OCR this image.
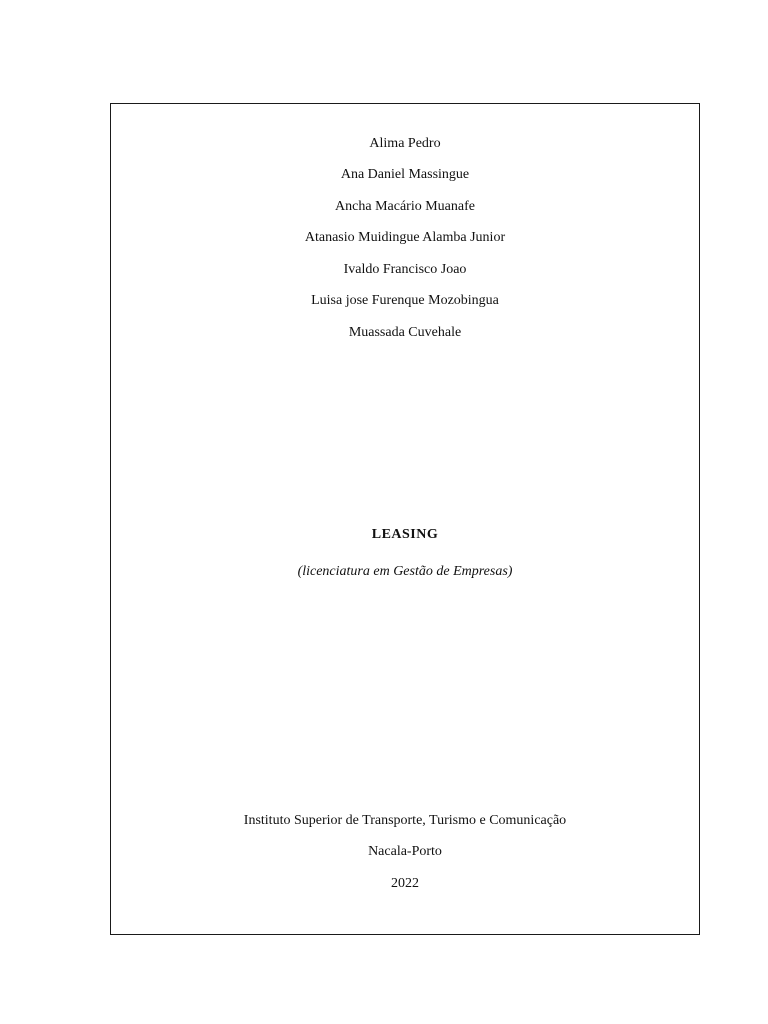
Alima Pedro
Ana Daniel Massingue
Ancha Macário Muanafe
Atanasio Muidingue Alamba Junior
Ivaldo Francisco Joao
Luisa jose Furenque Mozobingua
Muassada Cuvehale
LEASING
(licenciatura em Gestão de Empresas)
Instituto Superior de Transporte, Turismo e Comunicação
Nacala-Porto
2022
